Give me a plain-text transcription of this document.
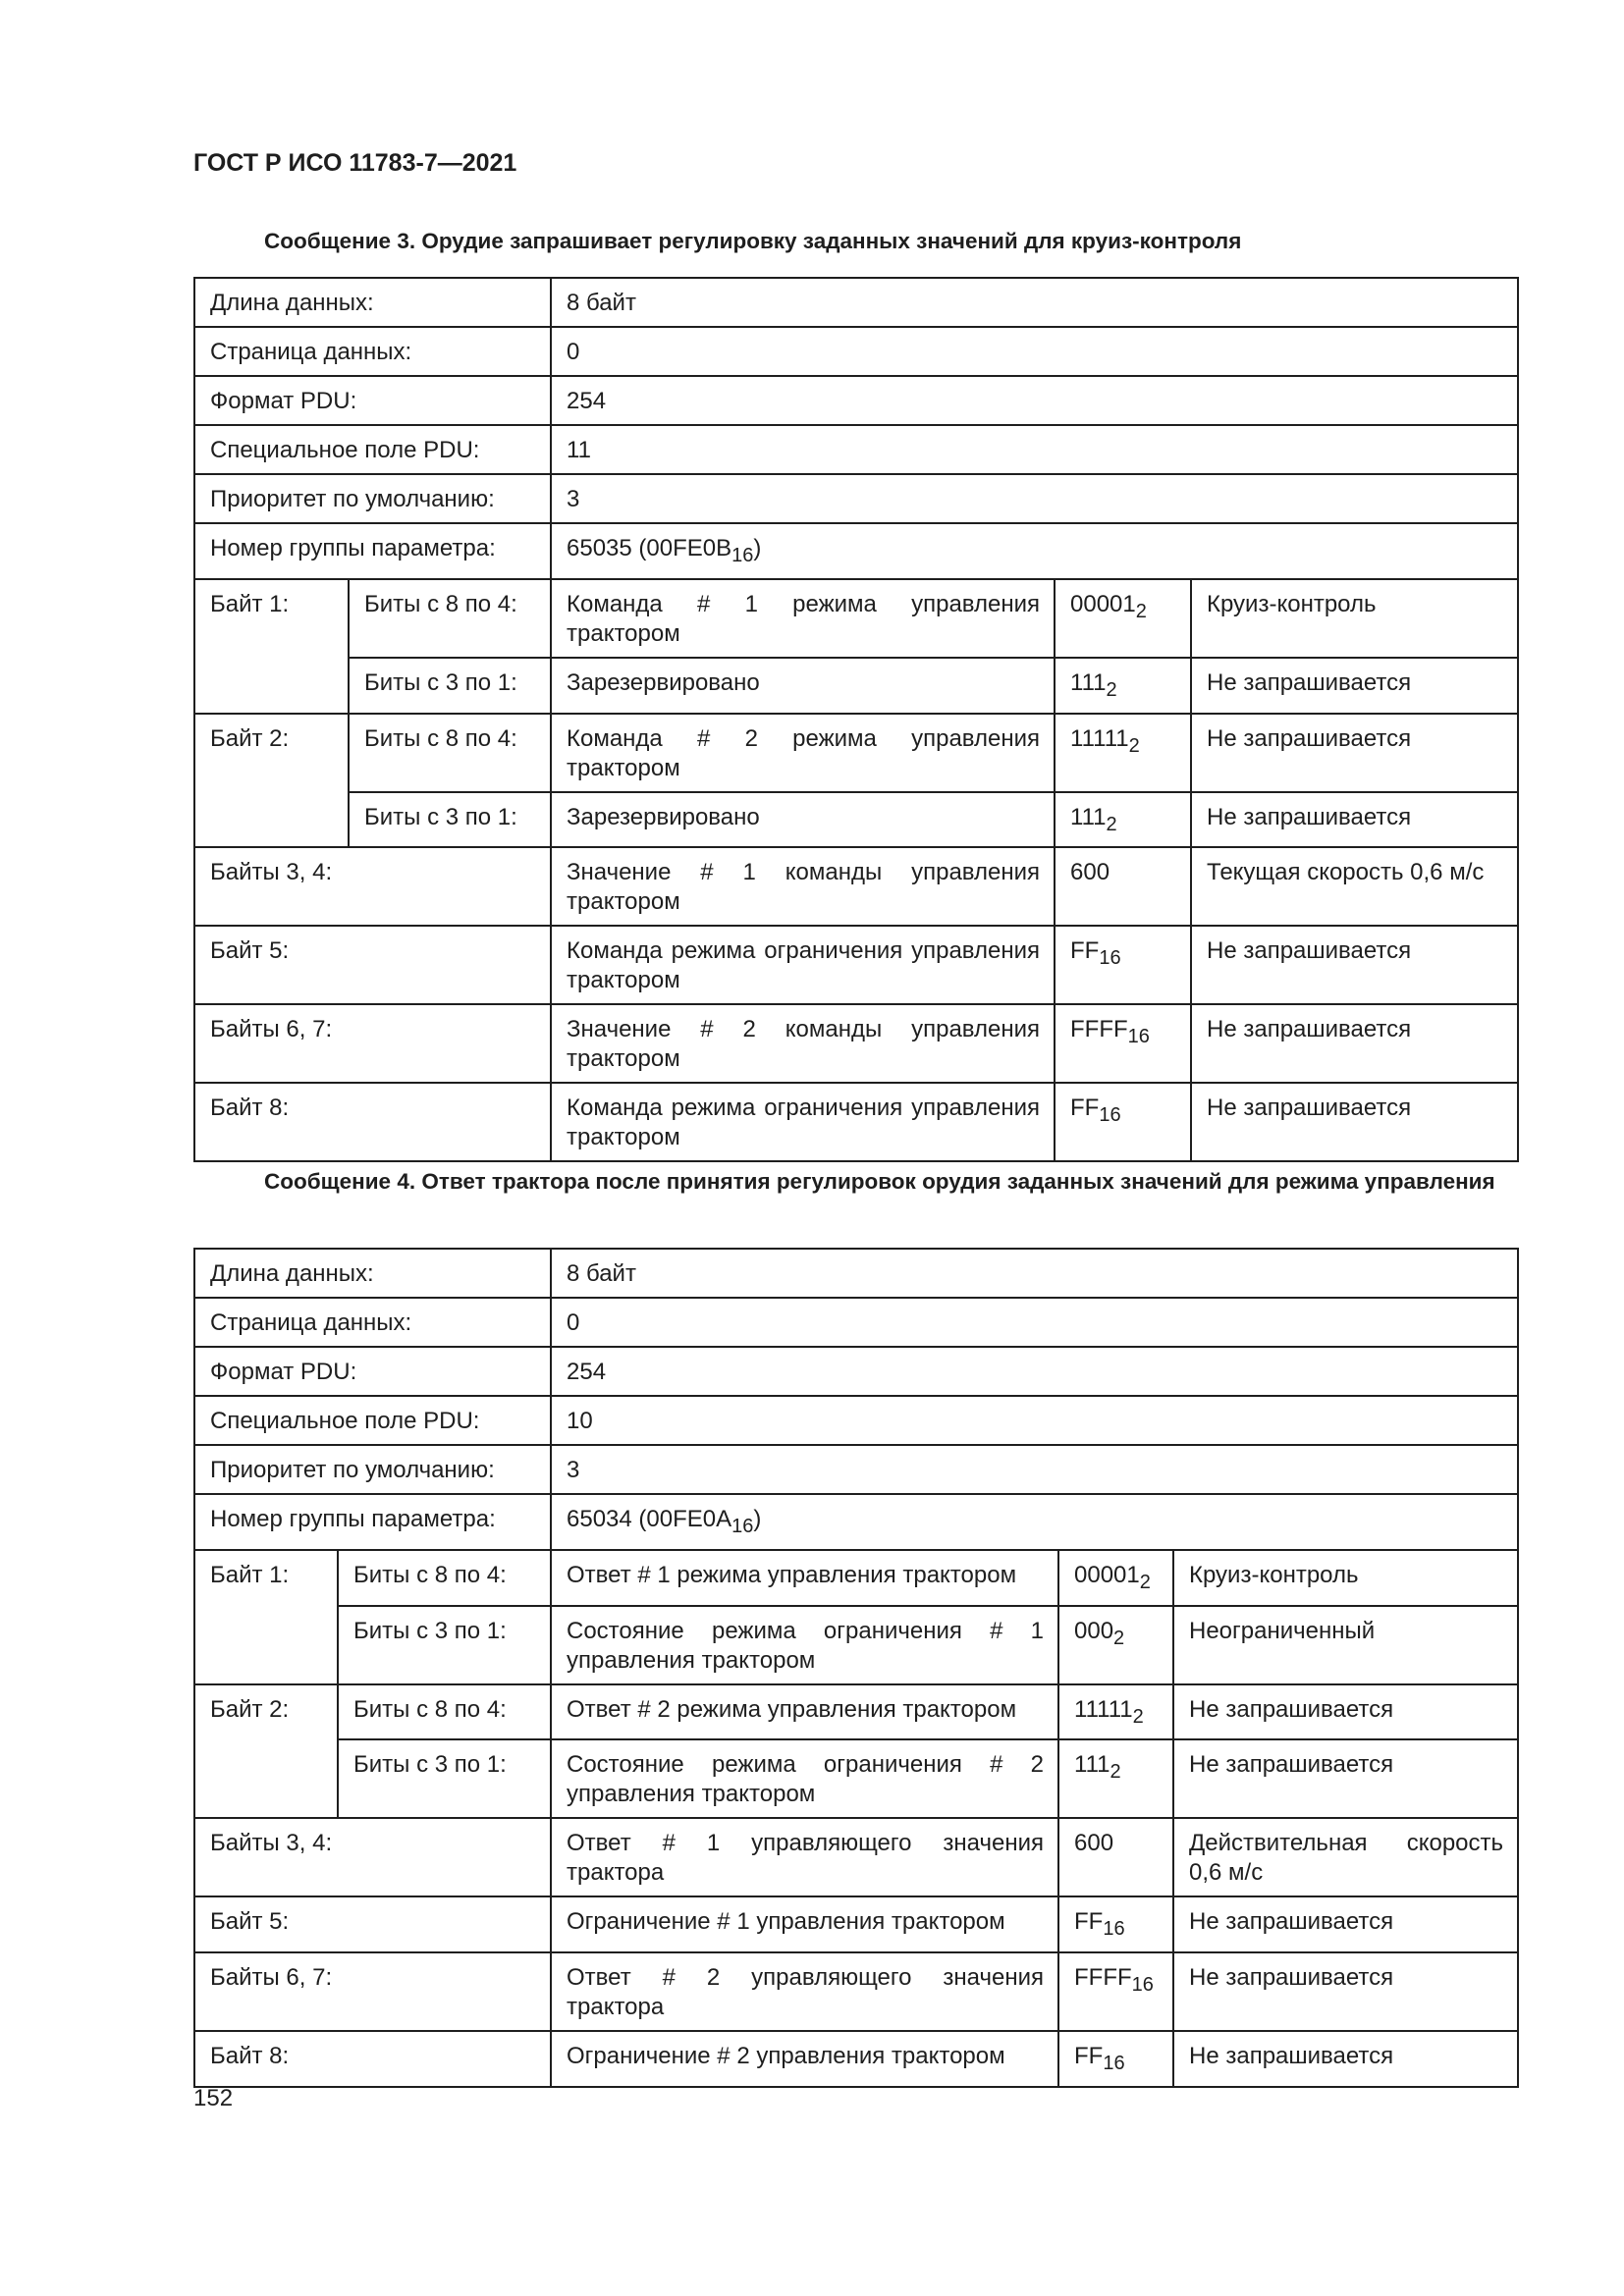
ГОСТ Р ИСО 11783-7—2021
Сообщение 3. Орудие запрашивает регулировку заданных значений для круиз-контроля
Длина данных:		8 байт		
Страница данных:		0		
Формат PDU:		254		
Специальное поле PDU:		11		
Приоритет по умолчанию:		3		
Номер группы параметра:		65035 $(00FE0B_{16})$		
Байт 1:	Биты с 8 по 4:	Команда # 1 режима управления трактором	$00001_2$	Круиз-контроль
	Биты с 3 по 1:	Зарезервировано	$111_2$	Не запрашивается
Байт 2:	Биты с 8 по 4:	Команда # 2 режима управления трактором	$11111_2$	Не запрашивается
	Биты с 3 по 1:	Зарезервировано	$111_2$	Не запрашивается
Байты 3, 4:		Значение # 1 команды управления трактором	600	Текущая скорость 0,6 м/с
Байт 5:		Команда режима ограничения управления трактором	$FF_{16}$	Не запрашивается
Байты 6, 7:		Значение # 2 команды управления трактором	$FFFF_{16}$	Не запрашивается
Байт 8:		Команда режима ограничения управления трактором	$FF_{16}$	Не запрашивается
Сообщение 4. Ответ трактора после принятия регулировок орудия заданных значений для режима управления
Длина данных:		8 байт		
Страница данных:		0		
Формат PDU:		254		
Специальное поле PDU:		10		
Приоритет по умолчанию:		3		
Номер группы параметра:		65034 $(00FE0A_{16})$		
Байт 1:	Биты с 8 по 4:	Ответ # 1 режима управления трактором	$00001_2$	Круиз-контроль
	Биты с 3 по 1:	Состояние режима ограничения # 1 управления трактором	$000_2$	Неограниченный
Байт 2:	Биты с 8 по 4:	Ответ # 2 режима управления трактором	$11111_2$	Не запрашивается
	Биты с 3 по 1:	Состояние режима ограничения # 2 управления трактором	$111_2$	Не запрашивается
Байты 3, 4:		Ответ # 1 управляющего значения трактора	600	Действительная скорость 0,6 м/с
Байт 5:		Ограничение # 1 управления трактором	$FF_{16}$	Не запрашивается
Байты 6, 7:		Ответ # 2 управляющего значения трактора	$FFFF_{16}$	Не запрашивается
Байт 8:		Ограничение # 2 управления трактором	$FF_{16}$	Не запрашивается
152
